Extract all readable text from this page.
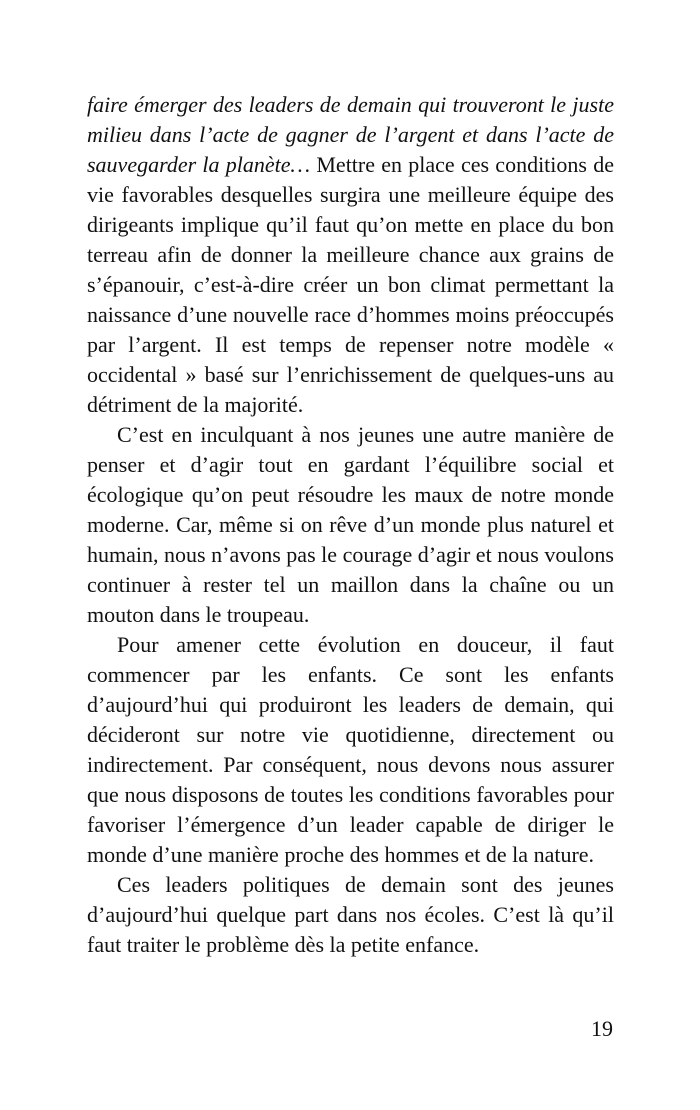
faire émerger des leaders de demain qui trouveront le juste milieu dans l’acte de gagner de l’argent et dans l’acte de sauvegarder la planète… Mettre en place ces conditions de vie favorables desquelles surgira une meilleure équipe des dirigeants implique qu’il faut qu’on mette en place du bon terreau afin de donner la meilleure chance aux grains de s’épanouir, c’est-à-dire créer un bon climat permettant la naissance d’une nouvelle race d’hommes moins préoccupés par l’argent. Il est temps de repenser notre modèle « occidental » basé sur l’enrichissement de quelques-uns au détriment de la majorité.

C’est en inculquant à nos jeunes une autre manière de penser et d’agir tout en gardant l’équilibre social et écologique qu’on peut résoudre les maux de notre monde moderne. Car, même si on rêve d’un monde plus naturel et humain, nous n’avons pas le courage d’agir et nous voulons continuer à rester tel un maillon dans la chaîne ou un mouton dans le troupeau.

Pour amener cette évolution en douceur, il faut commencer par les enfants. Ce sont les enfants d’aujourd’hui qui produiront les leaders de demain, qui décideront sur notre vie quotidienne, directement ou indirectement. Par conséquent, nous devons nous assurer que nous disposons de toutes les conditions favorables pour favoriser l’émergence d’un leader capable de diriger le monde d’une manière proche des hommes et de la nature.

Ces leaders politiques de demain sont des jeunes d’aujourd’hui quelque part dans nos écoles. C’est là qu’il faut traiter le problème dès la petite enfance.

19
